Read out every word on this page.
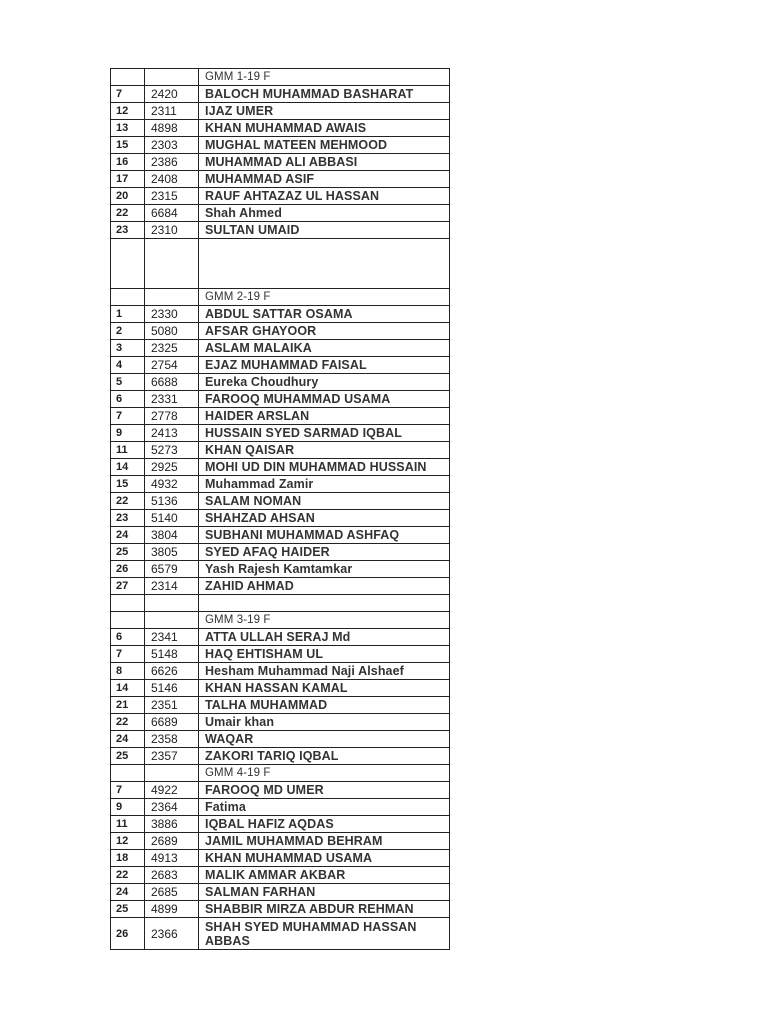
		GMM 1-19 F
7	2420	BALOCH MUHAMMAD BASHARAT
12	2311	IJAZ UMER
13	4898	KHAN MUHAMMAD AWAIS
15	2303	MUGHAL MATEEN MEHMOOD
16	2386	MUHAMMAD ALI ABBASI
17	2408	MUHAMMAD ASIF
20	2315	RAUF AHTAZAZ UL HASSAN
22	6684	Shah Ahmed
23	2310	SULTAN UMAID

		GMM 2-19 F
1	2330	ABDUL SATTAR OSAMA
2	5080	AFSAR GHAYOOR
3	2325	ASLAM MALAIKA
4	2754	EJAZ MUHAMMAD FAISAL
5	6688	Eureka Choudhury
6	2331	FAROOQ MUHAMMAD USAMA
7	2778	HAIDER ARSLAN
9	2413	HUSSAIN SYED SARMAD IQBAL
11	5273	KHAN QAISAR
14	2925	MOHI UD DIN MUHAMMAD HUSSAIN
15	4932	Muhammad Zamir
22	5136	SALAM NOMAN
23	5140	SHAHZAD AHSAN
24	3804	SUBHANI MUHAMMAD ASHFAQ
25	3805	SYED AFAQ HAIDER
26	6579	Yash Rajesh Kamtamkar
27	2314	ZAHID AHMAD

		GMM 3-19 F
6	2341	ATTA ULLAH SERAJ Md
7	5148	HAQ EHTISHAM UL
8	6626	Hesham Muhammad Naji Alshaef
14	5146	KHAN HASSAN KAMAL
21	2351	TALHA MUHAMMAD
22	6689	Umair khan
24	2358	WAQAR
25	2357	ZAKORI TARIQ IQBAL
		GMM 4-19 F
7	4922	FAROOQ MD UMER
9	2364	Fatima
11	3886	IQBAL HAFIZ AQDAS
12	2689	JAMIL MUHAMMAD BEHRAM
18	4913	KHAN MUHAMMAD USAMA
22	2683	MALIK AMMAR AKBAR
24	2685	SALMAN FARHAN
25	4899	SHABBIR MIRZA ABDUR REHMAN
26	2366	SHAH SYED MUHAMMAD HASSAN ABBAS
